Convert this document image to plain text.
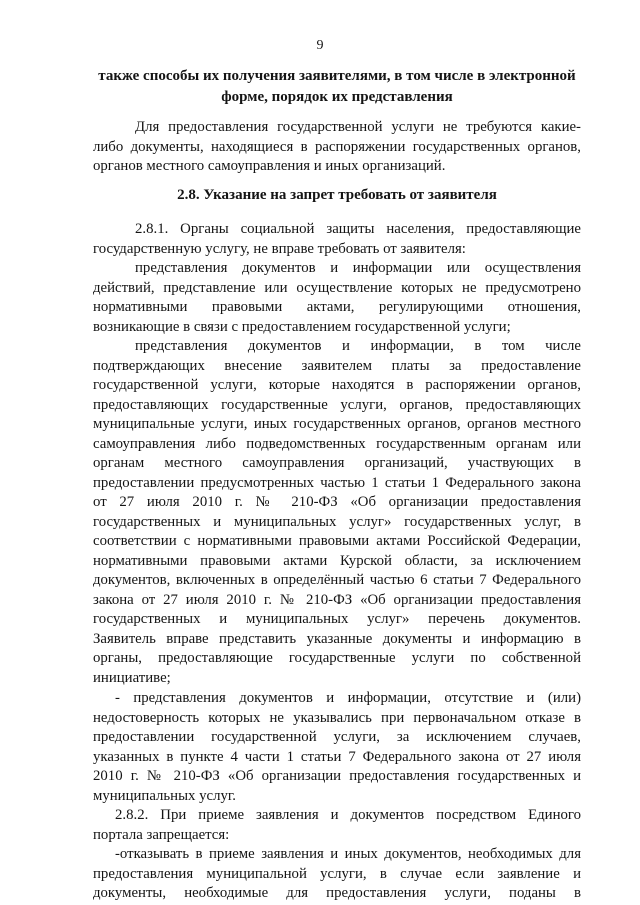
9
также способы их получения заявителями, в том числе в электронной
форме, порядок их представления
Для предоставления государственной услуги не требуются какие-
либо документы, находящиеся в распоряжении государственных органов,
органов местного самоуправления и иных организаций.
2.8. Указание на запрет требовать от заявителя
2.8.1. Органы социальной защиты населения, предоставляющие
государственную услугу, не вправе требовать от заявителя:
представления документов и информации или осуществления
действий, представление или осуществление которых не предусмотрено
нормативными правовыми актами, регулирующими отношения,
возникающие в связи с предоставлением государственной услуги;
представления документов и информации, в том числе
подтверждающих внесение заявителем платы за предоставление
государственной услуги, которые находятся в распоряжении органов,
предоставляющих государственные услуги, органов, предоставляющих
муниципальные услуги, иных государственных органов, органов местного
самоуправления либо подведомственных государственным органам или
органам местного самоуправления организаций, участвующих в
предоставлении предусмотренных частью 1 статьи 1 Федерального закона
от 27 июля 2010 г. № 210-ФЗ «Об организации предоставления
государственных и муниципальных услуг» государственных услуг, в
соответствии с нормативными правовыми актами Российской Федерации,
нормативными правовыми актами Курской области, за исключением
документов, включенных в определённый частью 6 статьи 7 Федерального
закона от 27 июля 2010 г. № 210-ФЗ «Об организации предоставления
государственных и муниципальных услуг» перечень документов.
Заявитель вправе представить указанные документы и информацию в
органы, предоставляющие государственные услуги по собственной
инициативе;
- представления документов и информации, отсутствие и (или)
недостоверность которых не указывались при первоначальном отказе в
предоставлении государственной услуги, за исключением случаев,
указанных в пункте 4 части 1 статьи 7 Федерального закона от 27 июля
2010 г. № 210-ФЗ «Об организации предоставления государственных и
муниципальных услуг.
2.8.2. При приеме заявления и документов посредством Единого
портала запрещается:
-отказывать в приеме заявления и иных документов, необходимых для
предоставления муниципальной услуги, в случае если заявление и
документы, необходимые для предоставления услуги, поданы в
